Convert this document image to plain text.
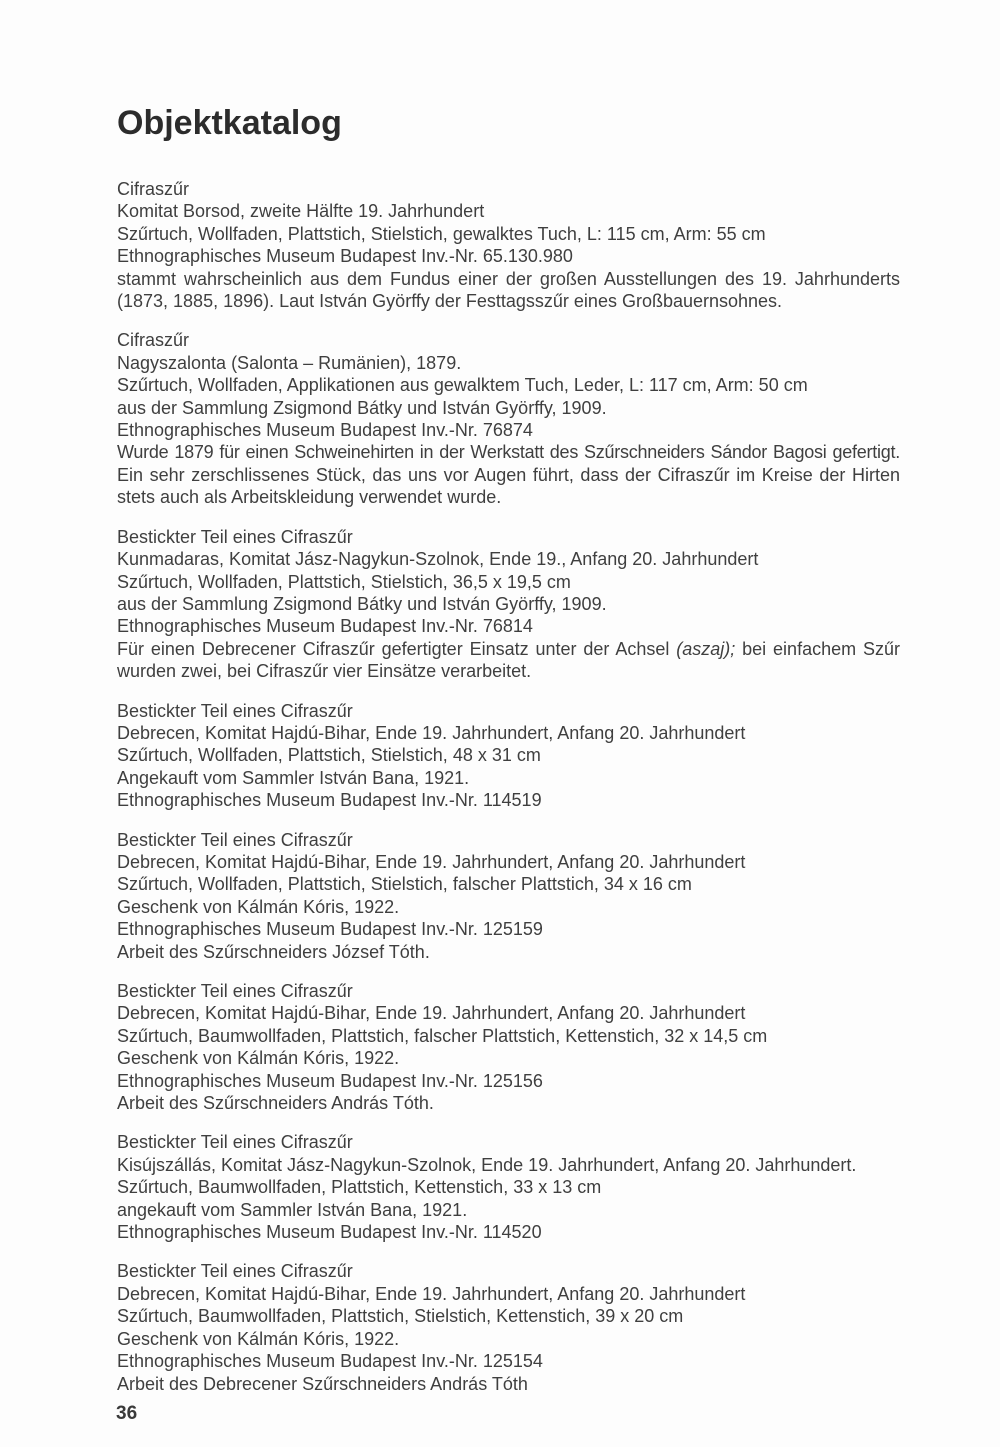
Objektkatalog
Cifraszűr
Komitat Borsod, zweite Hälfte 19. Jahrhundert
Szűrtuch, Wollfaden, Plattstich, Stielstich, gewalktes Tuch, L: 115 cm, Arm: 55 cm
Ethnographisches Museum Budapest Inv.-Nr. 65.130.980
stammt wahrscheinlich aus dem Fundus einer der großen Ausstellungen des 19. Jahrhunderts
(1873, 1885, 1896). Laut István Györffy der Festtagsszűr eines Großbauernsohnes.
Cifraszűr
Nagyszalonta (Salonta – Rumänien), 1879.
Szűrtuch, Wollfaden, Applikationen aus gewalktem Tuch, Leder, L: 117 cm, Arm: 50 cm
aus der Sammlung Zsigmond Bátky und István Györffy, 1909.
Ethnographisches Museum Budapest Inv.-Nr. 76874
Wurde 1879 für einen Schweinehirten in der Werkstatt des Szűrschneiders Sándor Bagosi gefertigt.
Ein sehr zerschlissenes Stück, das uns vor Augen führt, dass der Cifraszűr im Kreise der Hirten
stets auch als Arbeitskleidung verwendet wurde.
Bestickter Teil eines Cifraszűr
Kunmadaras, Komitat Jász-Nagykun-Szolnok, Ende 19., Anfang 20. Jahrhundert
Szűrtuch, Wollfaden, Plattstich, Stielstich, 36,5 x 19,5 cm
aus der Sammlung Zsigmond Bátky und István Györffy, 1909.
Ethnographisches Museum Budapest Inv.-Nr. 76814
Für einen Debrecener Cifraszűr gefertigter Einsatz unter der Achsel (aszaj); bei einfachem Szűr
wurden zwei, bei Cifraszűr vier Einsätze verarbeitet.
Bestickter Teil eines Cifraszűr
Debrecen, Komitat Hajdú-Bihar, Ende 19. Jahrhundert, Anfang 20. Jahrhundert
Szűrtuch, Wollfaden, Plattstich, Stielstich, 48 x 31 cm
Angekauft vom Sammler István Bana, 1921.
Ethnographisches Museum Budapest Inv.-Nr. 114519
Bestickter Teil eines Cifraszűr
Debrecen, Komitat Hajdú-Bihar, Ende 19. Jahrhundert, Anfang 20. Jahrhundert
Szűrtuch, Wollfaden, Plattstich, Stielstich, falscher Plattstich, 34 x 16 cm
Geschenk von Kálmán Kóris, 1922.
Ethnographisches Museum Budapest Inv.-Nr. 125159
Arbeit des Szűrschneiders József Tóth.
Bestickter Teil eines Cifraszűr
Debrecen, Komitat Hajdú-Bihar, Ende 19. Jahrhundert, Anfang 20. Jahrhundert
Szűrtuch, Baumwollfaden, Plattstich, falscher Plattstich, Kettenstich, 32 x 14,5 cm
Geschenk von Kálmán Kóris, 1922.
Ethnographisches Museum Budapest Inv.-Nr. 125156
Arbeit des Szűrschneiders András Tóth.
Bestickter Teil eines Cifraszűr
Kisújszállás, Komitat Jász-Nagykun-Szolnok, Ende 19. Jahrhundert, Anfang 20. Jahrhundert.
Szűrtuch, Baumwollfaden, Plattstich, Kettenstich, 33 x 13 cm
angekauft vom Sammler István Bana, 1921.
Ethnographisches Museum Budapest Inv.-Nr. 114520
Bestickter Teil eines Cifraszűr
Debrecen, Komitat Hajdú-Bihar, Ende 19. Jahrhundert, Anfang 20. Jahrhundert
Szűrtuch, Baumwollfaden, Plattstich, Stielstich, Kettenstich, 39 x 20 cm
Geschenk von Kálmán Kóris, 1922.
Ethnographisches Museum Budapest Inv.-Nr. 125154
Arbeit des Debrecener Szűrschneiders András Tóth
36
